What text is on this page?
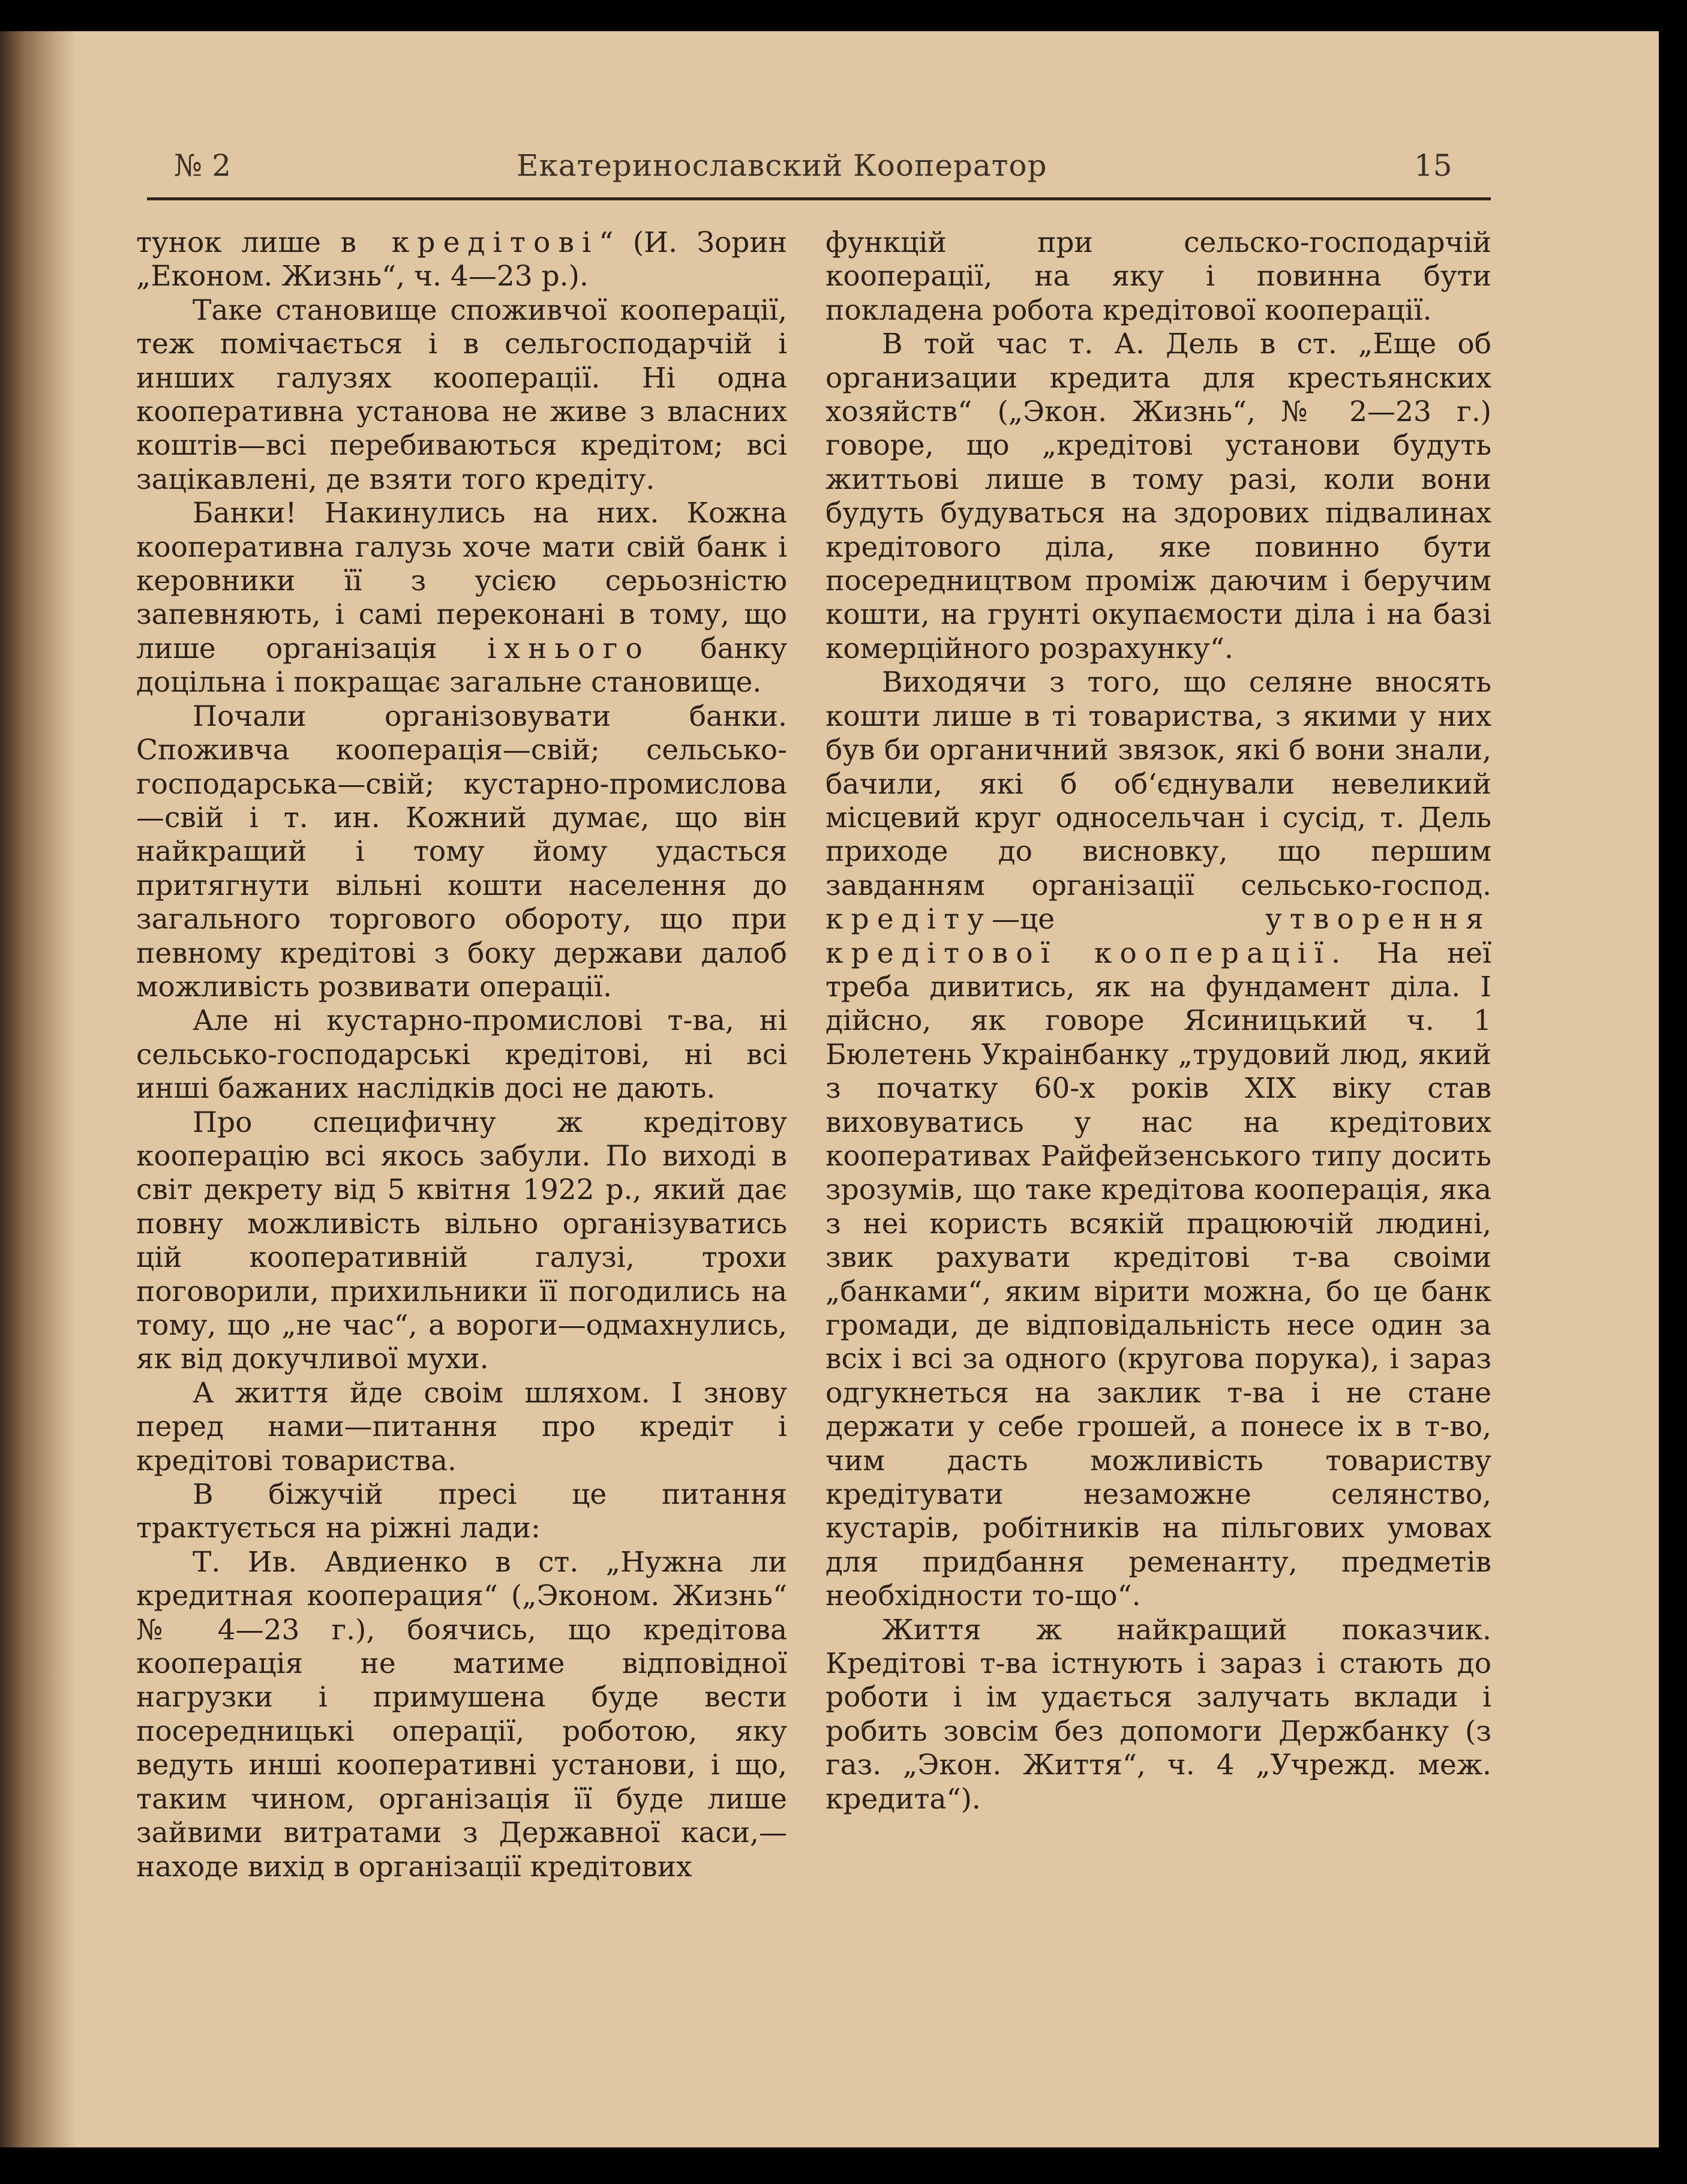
№ 2	Екатеринославский Кооператор	15

тунок лише в кредітові“ (И. Зорин „Економ. Жизнь“, ч. 4—23 р.).

Таке становище споживчої кооперації, теж помічається і в сельгосподарчій і инших галузях кооперації. Ні одна кооперативна установа не живе з власних коштів—всі перебиваються кредітом; всі зацікавлені, де взяти того кредіту.

Банки! Накинулись на них. Кожна кооперативна галузь хоче мати свій банк і керовники її з усією серьозністю запевняють, і самі переконані в тому, що лише організація іхнього банку доцільна і покращає загальне становище.

Почали організовувати банки. Споживча кооперація—свій; сельсько-господарська—свій; кустарно-промислова—свій і т. ин. Кожний думає, що він найкращий і тому йому удасться притягнути вільні кошти населення до загального торгового обороту, що при певному кредітові з боку держави далоб можливість розвивати операції.

Але ні кустарно-промислові т-ва, ні сельсько-господарські кредітові, ні всі инші бажаних наслідків досі не дають.

Про специфичну ж кредітову кооперацію всі якось забули. По виході в світ декрету від 5 квітня 1922 р., який дає повну можливість вільно організуватись цій кооперативній галузі, трохи поговорили, прихильники її погодились на тому, що „не час“, а вороги—одмахнулись, як від докучливої мухи.

А життя йде своім шляхом. І знову перед нами—питання про кредіт і кредітові товариства.

В біжучій пресі це питання трактується на ріжні лади:

Т. Ив. Авдиенко в ст. „Нужна ли кредитная кооперация“ („Эконом. Жизнь“ № 4—23 г.), боячись, що кредітова кооперація не матиме відповідної нагрузки і примушена буде вести посередницькі операції, роботою, яку ведуть инші кооперативні установи, і що, таким чином, організація її буде лише зайвими витратами з Державної каси,—находе вихід в організації кредітових

функцій при сельско-господарчій кооперації, на яку і повинна бути покладена робота кредітової кооперації.

В той час т. А. Дель в ст. „Еще об организации кредита для крестьянских хозяйств“ („Экон. Жизнь“, № 2—23 г.) говоре, що „кредітові установи будуть життьові лише в тому разі, коли вони будуть будуваться на здорових підвалинах кредітового діла, яке повинно бути посередництвом проміж даючим і беручим кошти, на грунті окупаємости діла і на базі комерційного розрахунку“.

Виходячи з того, що селяне вносять кошти лише в ті товариства, з якими у них був би органичний звязок, які б вони знали, бачили, які б об‘єднували невеликий місцевий круг односельчан і сусід, т. Дель приходе до висновку, що першим завданням організації сельсько-господ. кредіту—це утворення кредітової кооперації. На неї треба дивитись, як на фундамент діла. І дійсно, як говоре Ясиницький ч. 1 Бюлетень Украінбанку „трудовий люд, який з початку 60-х років XIX віку став виховуватись у нас на кредітових кооперативах Райфейзенського типу досить зрозумів, що таке кредітова кооперація, яка з неі користь всякій працюючій людині, звик рахувати кредітові т-ва своіми „банками“, яким вірити можна, бо це банк громади, де відповідальність несе один за всіх і всі за одного (кругова порука), і зараз одгукнеться на заклик т-ва і не стане держати у себе грошей, а понесе іх в т-во, чим дасть можливість товариству кредітувати незаможне селянство, кустарів, робітників на пільгових умовах для придбання ременанту, предметів необхідности то-що“.

Життя ж найкращий показчик. Кредітові т-ва істнують і зараз і стають до роботи і ім удається залучать вклади і робить зовсім без допомоги Держбанку (з газ. „Экон. Життя“, ч. 4 „Учрежд. меж. кредита“).
